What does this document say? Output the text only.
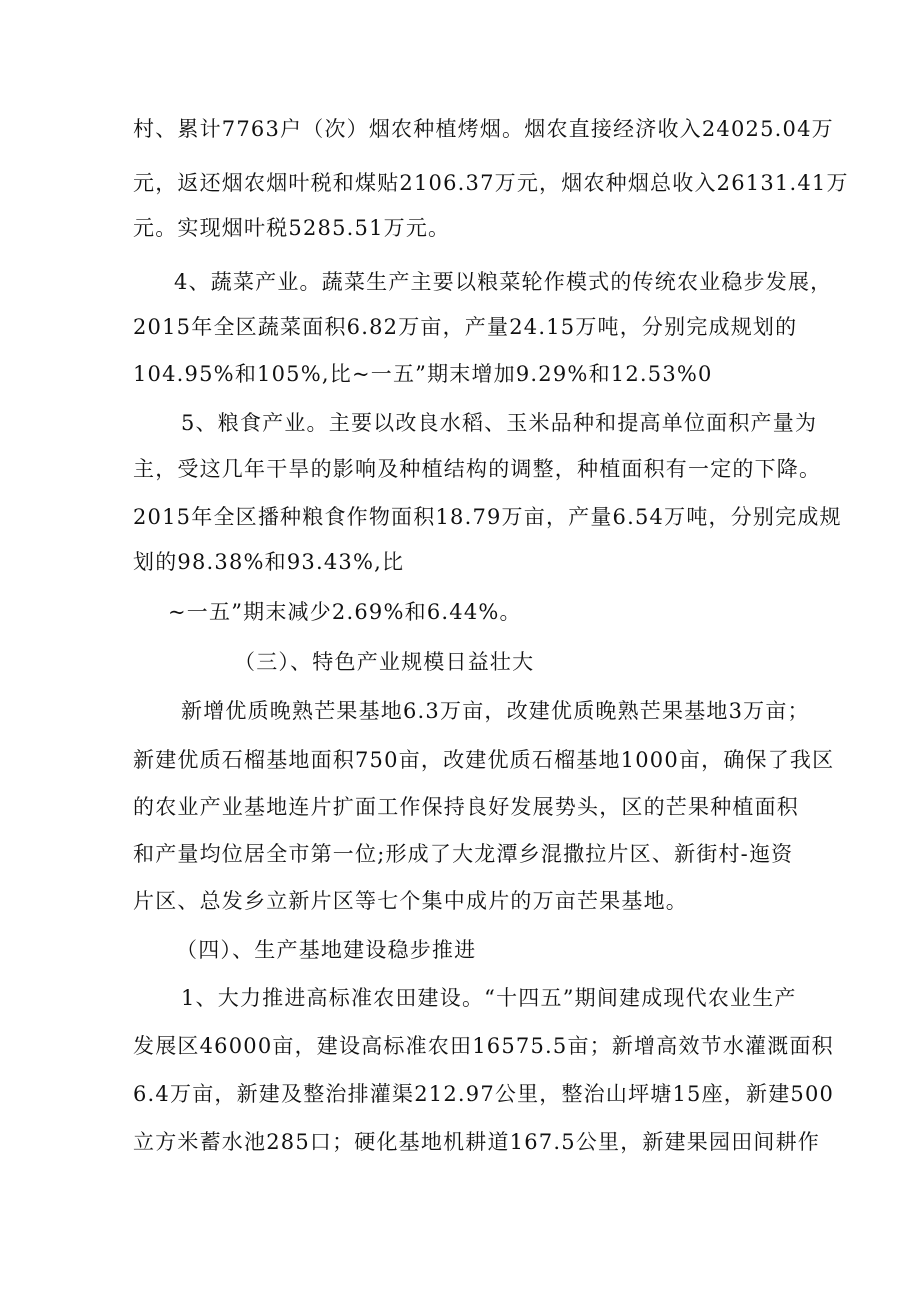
村、累计7763户（次）烟农种植烤烟。烟农直接经济收入24025.04万
元，返还烟农烟叶税和煤贴2106.37万元，烟农种烟总收入26131.41万
元。实现烟叶税5285.51万元。
4、蔬菜产业。蔬菜生产主要以粮菜轮作模式的传统农业稳步发展，
2015年全区蔬菜面积6.82万亩，产量24.15万吨，分别完成规划的
104.95%和105%,比~一五”期末增加9.29%和12.53%0
5、粮食产业。主要以改良水稻、玉米品种和提高单位面积产量为
主，受这几年干旱的影响及种植结构的调整，种植面积有一定的下降。
2015年全区播种粮食作物面积18.79万亩，产量6.54万吨，分别完成规
划的98.38%和93.43%,比
~一五”期末减少2.69%和6.44%。
（三）、特色产业规模日益壮大
新增优质晚熟芒果基地6.3万亩，改建优质晚熟芒果基地3万亩；
新建优质石榴基地面积750亩，改建优质石榴基地1000亩，确保了我区
的农业产业基地连片扩面工作保持良好发展势头，区的芒果种植面积
和产量均位居全市第一位;形成了大龙潭乡混撒拉片区、新街村-迤资
片区、总发乡立新片区等七个集中成片的万亩芒果基地。
（四）、生产基地建设稳步推进
1、大力推进高标准农田建设。“十四五”期间建成现代农业生产
发展区46000亩，建设高标准农田16575.5亩；新增高效节水灌溉面积
6.4万亩，新建及整治排灌渠212.97公里，整治山坪塘15座，新建500
立方米蓄水池285口；硬化基地机耕道167.5公里，新建果园田间耕作
